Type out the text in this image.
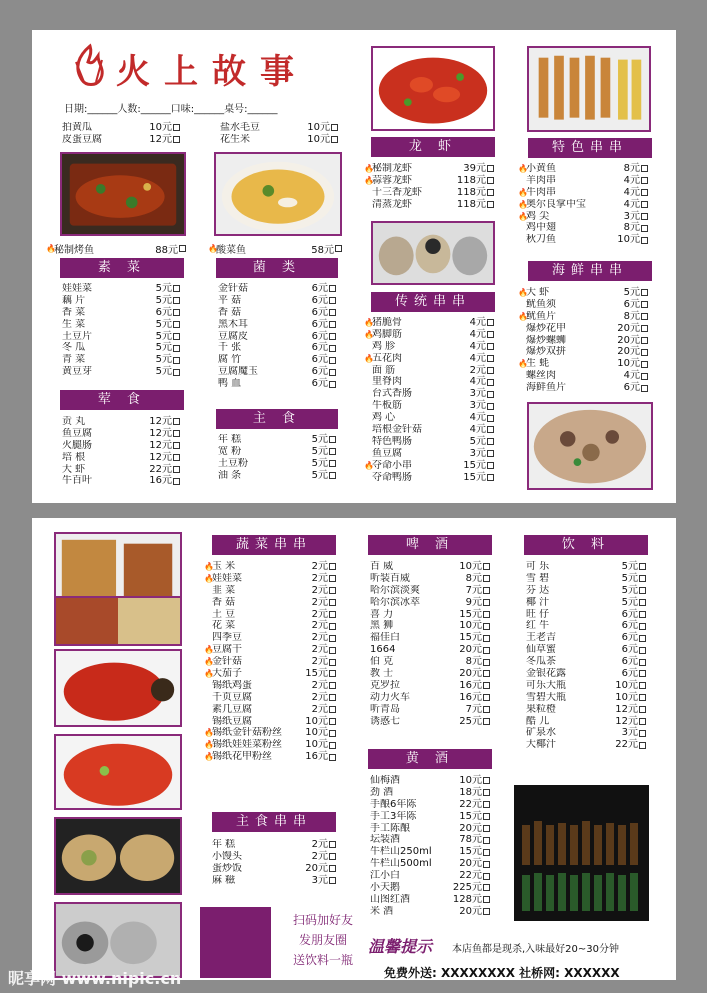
火上故事
日期:______人数:______口味:______桌号:______
拍黄瓜	10元
皮蛋豆腐	12元
盐水毛豆	10元
花生米	10元
🔥
秘制烤鱼	88元	🔥
酸菜鱼	58元
素 菜
娃娃菜	5元
藕 片	5元
香 菜	6元
生 菜	5元
土豆片	5元
冬 瓜	5元
青 菜	5元
黄豆芽	5元
荤 食
贡 丸	12元
鱼豆腐	12元
火腿肠	12元
培 根	12元
大 虾	22元
牛百叶	16元
菌 类
金针菇	6元
平 菇	6元
香 菇	6元
黑木耳	6元
豆腐皮	6元
千 张	6元
腐 竹	6元
豆腐魔玉	6元
鸭 血	6元
主 食
年 糕	5元
宽 粉	5元
土豆粉	5元
油 条	5元
龙 虾
🔥
秘制龙虾	39元
🔥
蒜蓉龙虾	118元
十三香龙虾	118元
清蒸龙虾	118元
传统串串
🔥
猪脆骨	4元
🔥
鸡脚筋	4元
鸡 胗	4元
🔥
五花肉	4元
面 筋	2元
里脊肉	4元
台式香肠	3元
牛板筋	3元
鸡 心	4元
培根金针菇	4元
特色鸭肠	5元
鱼豆腐	3元
🔥
夺命小串	15元
夺命鸭肠	15元
特色串串
🔥
小黄鱼	8元
羊肉串	4元
🔥
牛肉串	4元
🔥
奥尔良掌中宝	4元
🔥
鸡 尖	3元
鸡中翅	8元
秋刀鱼	10元
海鲜串串
🔥
大 虾	5元
鱿鱼须	6元
🔥
鱿鱼片	8元
爆炒花甲	20元
爆炒螺蛳	20元
爆炒双拼	20元
🔥
生 蚝	10元
螺丝肉	4元
海鲜鱼片	6元
蔬菜串串
🔥
玉 米	2元
🔥
娃娃菜	2元
韭 菜	2元
香 菇	2元
土 豆	2元
花 菜	2元
四季豆	2元
🔥
豆腐干	2元
🔥
金针菇	2元
🔥
大茄子	15元
锡纸鸡蛋	2元
千页豆腐	2元
素几豆腐	2元
锡纸豆腐	10元
🔥
锡纸金针菇粉丝	10元
🔥
锡纸娃娃菜粉丝	10元
🔥
锡纸花甲粉丝	16元
主食串串
年 糕	2元
小馒头	2元
蛋炒饭	20元
麻 糍	3元
扫码加好友
发朋友圈
送饮料一瓶
啤 酒
百 威	10元
听装百威	8元
哈尔滨淡爽	7元
哈尔滨冰萃	9元
喜 力	15元
黑 狮	10元
福佳白	15元
1664	20元
伯 克	8元
教 士	20元
克罗拉	16元
动力火车	16元
听青岛	7元
诱惑七	25元
黄 酒
仙梅酒	10元
劲 酒	18元
手酿6年陈	22元
手工3年陈	15元
手工陈酿	20元
坛装酒	78元
牛栏山250ml	15元
牛栏山500ml	20元
江小白	22元
小天鹅	225元
山图红酒	128元
米 酒	20元
饮 料
可 乐	5元
雪 碧	5元
芬 达	5元
椰 汁	5元
旺 仔	6元
红 牛	6元
王老吉	6元
仙草蜜	6元
冬瓜茶	6元
金银花露	6元
可乐大瓶	10元
雪碧大瓶	10元
果粒橙	12元
酷 儿	12元
矿泉水	3元
大椰汁	22元
温馨提示 本店鱼都是现杀,入味最好20~30分钟
免费外送: XXXXXXXX 社桥网: XXXXXX
昵享网 www.nipic.cn
